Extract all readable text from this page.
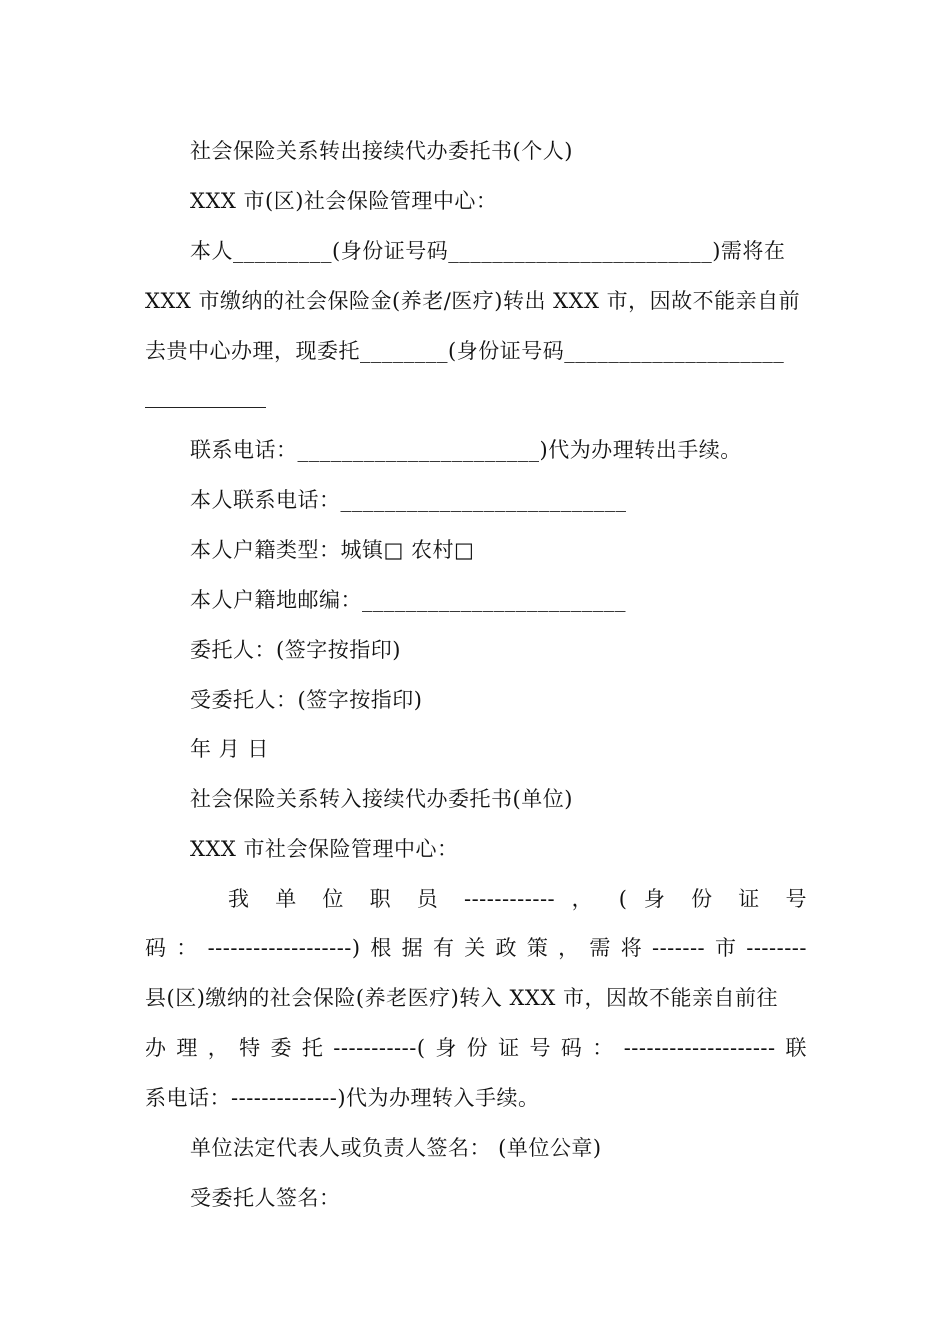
社会保险关系转出接续代办委托书(个人)
XXX 市(区)社会保险管理中心：
本人_________(身份证号码________________________)需将在
XXX 市缴纳的社会保险金(养老/医疗)转出 XXX 市，因故不能亲自前
去贵中心办理，现委托________(身份证号码____________________
联系电话：______________________)代为办理转出手续。
本人联系电话：__________________________
本人户籍类型：城镇□ 农村□
本人户籍地邮编：________________________
委托人：(签字按指印)
受委托人：(签字按指印)
年 月 日
社会保险关系转入接续代办委托书(单位)
XXX 市社会保险管理中心：
我 单 位 职 员 ------------ ， ( 身 份 证 号
码：-------------------)根据有关政策，需将-------市--------
县(区)缴纳的社会保险(养老医疗)转入 XXX 市，因故不能亲自前往
办理，特委托-----------(身份证号码：--------------------联
系电话：--------------)代为办理转入手续。
单位法定代表人或负责人签名： (单位公章)
受委托人签名：
